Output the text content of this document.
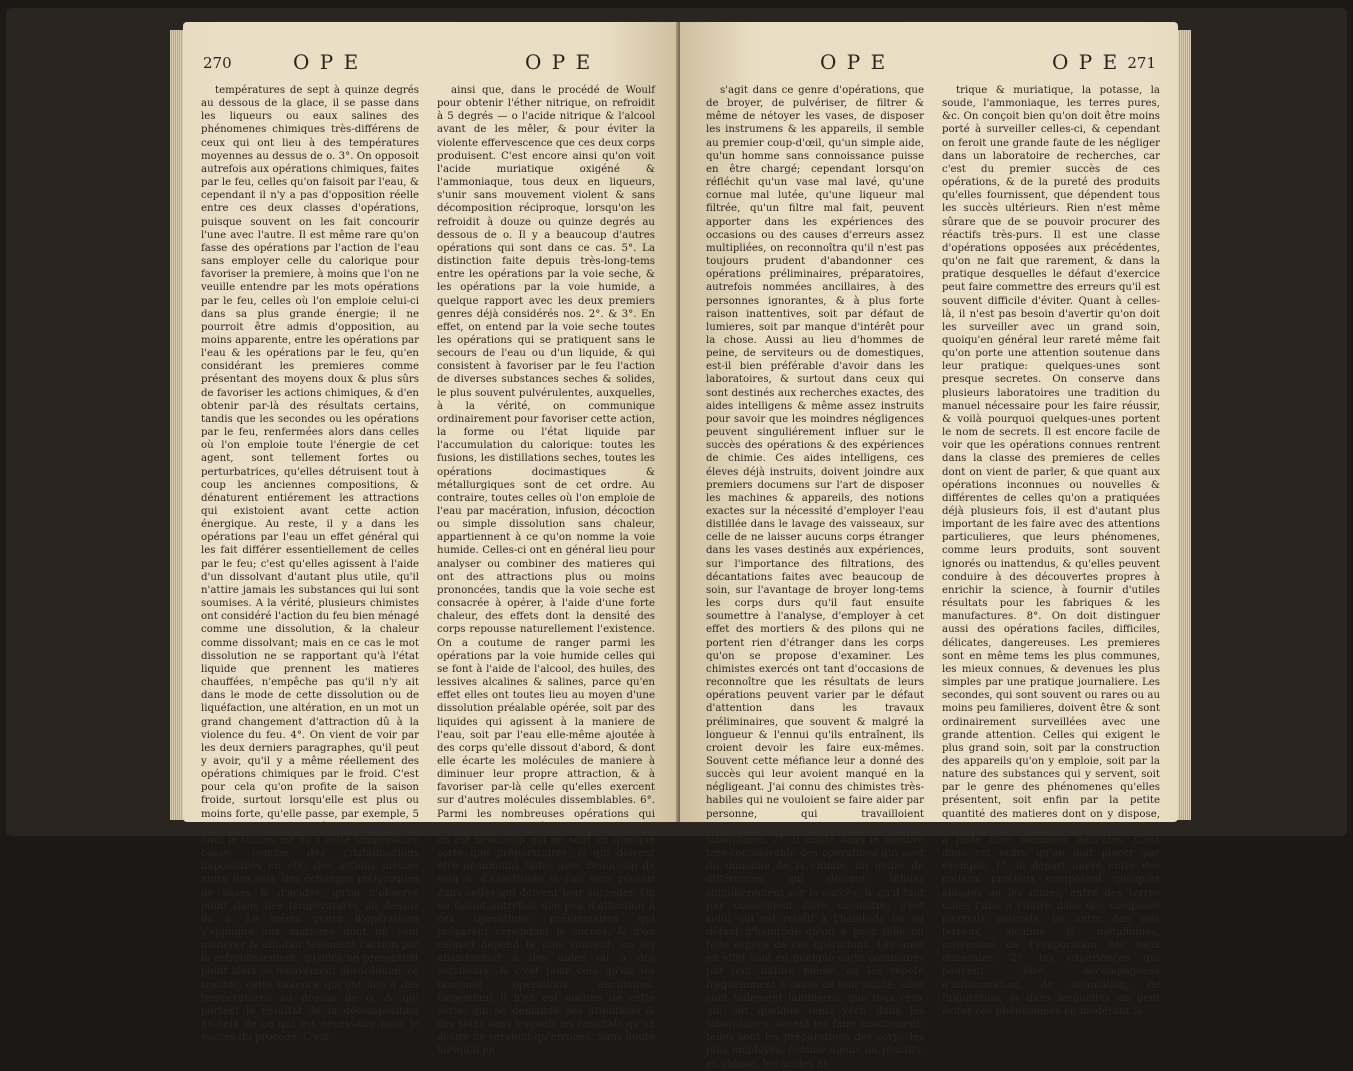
270	O P E	O P E

températures de sept à quinze degrés au dessous de la glace, il se passe dans les liqueurs ou eaux salines des phénomenes chimiques très-différens de ceux qui ont lieu à des températures moyennes au dessus de o. 3°. On opposoit autrefois aux opérations chimiques, faites par le feu, celles qu'on faisoit par l'eau, & cependant il n'y a pas d'opposition réelle entre ces deux classes d'opérations, puisque souvent on les fait concourir l'une avec l'autre. Il est même rare qu'on fasse des opérations par l'action de l'eau sans employer celle du calorique pour favoriser la premiere, à moins que l'on ne veuille entendre par les mots opérations par le feu, celles où l'on emploie celui-ci dans sa plus grande énergie; il ne pourroit être admis d'opposition, au moins apparente, entre les opérations par l'eau & les opérations par le feu, qu'en considérant les premieres comme présentant des moyens doux & plus sûrs de favoriser les actions chimiques, & d'en obtenir par-là des résultats certains, tandis que les secondes ou les opérations par le feu, renfermées alors dans celles où l'on emploie toute l'énergie de cet agent, sont tellement fortes ou perturbatrices, qu'elles détruisent tout à coup les anciennes compositions, & dénaturent entiérement les attractions qui existoient avant cette action énergique. Au reste, il y a dans les opérations par l'eau un effet général qui les fait différer essentiellement de celles par le feu; c'est qu'elles agissent à l'aide d'un dissolvant d'autant plus utile, qu'il n'attire jamais les substances qui lui sont soumises. A la vérité, plusieurs chimistes ont considéré l'action du feu bien ménagé comme une dissolution, & la chaleur comme dissolvant; mais en ce cas le mot dissolution ne se rapportant qu'à l'état liquide que prennent les matieres chauffées, n'empêche pas qu'il n'y ait dans le mode de cette dissolution ou de liquéfaction, une altération, en un mot un grand changement d'attraction dû à la violence du feu. 4°. On vient de voir par les deux derniers paragraphes, qu'il peut y avoir, qu'il y a même réellement des opérations chimiques par le froid. C'est pour cela qu'on profite de la saison froide, surtout lorsqu'elle est plus ou moins forte, qu'elle passe, par exemple, 5 — o, pour faire des opérations chimiques dont le succès est dû à cette température basse, comme des cristallisations impossibles en été, des actions mêmes entre des sels, des échanges réciproques de bases & d'acides, qu'on n'observe point dans des températures au dessus de o. Le même genre d'opérations s'applique aux matieres dont on veut modérer & affoiblir tellement l'action par le refroidissement, qu'elles ne présentent point alors ce mouvement désordonné, ce trouble, cette violence qui ont lieu à des températures au dessus de o, & qui portent le résultat de la décomposition au-delà de ce qui est nécessaire pour le succès du procédé. C'est

ainsi que, dans le procédé de Woulf pour obtenir l'éther nitrique, on refroidit à 5 degrés — o l'acide nitrique & l'alcool avant de les mêler, & pour éviter la violente effervescence que ces deux corps produisent. C'est encore ainsi qu'on voit l'acide muriatique oxigéné & l'ammoniaque, tous deux en liqueurs, s'unir sans mouvement violent & sans décomposition réciproque, lorsqu'on les refroidit à douze ou quinze degrés au dessous de o. Il y a beaucoup d'autres opérations qui sont dans ce cas. 5°. La distinction faite depuis très-long-tems entre les opérations par la voie seche, & les opérations par la voie humide, a quelque rapport avec les deux premiers genres déjà considérés nos. 2°. & 3°. En effet, on entend par la voie seche toutes les opérations qui se pratiquent sans le secours de l'eau ou d'un liquide, & qui consistent à favoriser par le feu l'action de diverses substances seches & solides, le plus souvent pulvérulentes, auxquelles, à la vérité, on communique ordinairement pour favoriser cette action, la forme ou l'état liquide par l'accumulation du calorique: toutes les fusions, les distillations seches, toutes les opérations docimastiques & métallurgiques sont de cet ordre. Au contraire, toutes celles où l'on emploie de l'eau par macération, infusion, décoction ou simple dissolution sans chaleur, appartiennent à ce qu'on nomme la voie humide. Celles-ci ont en général lieu pour analyser ou combiner des matieres qui ont des attractions plus ou moins prononcées, tandis que la voie seche est consacrée à opérer, à l'aide d'une forte chaleur, des effets dont la densité des corps repousse naturellement l'existence. On a coutume de ranger parmi les opérations par la voie humide celles qui se font à l'aide de l'alcool, des huiles, des lessives alcalines & salines, parce qu'en effet elles ont toutes lieu au moyen d'une dissolution préalable opérée, soit par des liquides qui agissent à la maniere de l'eau, soit par l'eau elle-même ajoutée à des corps qu'elle dissout d'abord, & dont elle écarte les molécules de maniere à diminuer leur propre attraction, & à favoriser par-là celle qu'elles exercent sur d'autres molécules dissemblables. 6°. Parmi les nombreuses opérations qui constituent les expériences chimiques, il en est beaucoup qui ne sont en quelque sorte que préparatoires, & qui doivent être néanmoins faites avec beaucoup de soin & d'exactitude si l'on veut réussir dans celles qui doivent leur succéder. On ne faisoit autrefois que peu d'attention à ces opérations préliminaires qui préparent cependant le succès, & d'où celui-ci dépend le plus souvent: on les abandonnoit à des aides ou à des serviteurs, & c'est pour cela qu'on les nommoit opérations ancillaires. Cependant il n'en est aucune de cette sorte, qui ne demande des attentions & des soins sans lesquels les résultats qu'on desire ne seroient qu'erronés. Sans doute lorsqu'il ne

O P E	O P E 271

s'agit dans ce genre d'opérations, que de broyer, de pulvériser, de filtrer & même de nétoyer les vases, de disposer les instrumens & les appareils, il semble au premier coup-d'œil, qu'un simple aide, qu'un homme sans connoissance puisse en être chargé; cependant lorsqu'on réfléchit qu'un vase mal lavé, qu'une cornue mal lutée, qu'une liqueur mal filtrée, qu'un filtre mal fait, peuvent apporter dans les expériences des occasions ou des causes d'erreurs assez multipliées, on reconnoîtra qu'il n'est pas toujours prudent d'abandonner ces opérations préliminaires, préparatoires, autrefois nommées ancillaires, à des personnes ignorantes, & à plus forte raison inattentives, soit par défaut de lumieres, soit par manque d'intérêt pour la chose. Aussi au lieu d'hommes de peine, de serviteurs ou de domestiques, est-il bien préférable d'avoir dans les laboratoires, & surtout dans ceux qui sont destinés aux recherches exactes, des aides intelligens & même assez instruits pour savoir que les moindres négligences peuvent singuliérement influer sur le succès des opérations & des expériences de chimie. Ces aides intelligens, ces éleves déjà instruits, doivent joindre aux premiers documens sur l'art de disposer les machines & appareils, des notions exactes sur la nécessité d'employer l'eau distillée dans le lavage des vaisseaux, sur celle de ne laisser aucuns corps étranger dans les vases destinés aux expériences, sur l'importance des filtrations, des décantations faites avec beaucoup de soin, sur l'avantage de broyer long-tems les corps durs qu'il faut ensuite soumettre à l'analyse, d'employer à cet effet des mortiers & des pilons qui ne portent rien d'étranger dans les corps qu'on se propose d'examiner. Les chimistes exercés ont tant d'occasions de reconnoître que les résultats de leurs opérations peuvent varier par le défaut d'attention dans les travaux préliminaires, que souvent & malgré la longueur & l'ennui qu'ils entraînent, ils croient devoir les faire eux-mêmes. Souvent cette méfiance leur a donné des succès qui leur avoient manqué en la négligeant. J'ai connu des chimistes très-habiles qui ne vouloient se faire aider par personne, qui travailloient continuellement seuls dans leur laboratoire. 7°. Il existe dans le nombre très-considérable des opérations qui sont du domaine de la chimie, un genre de différences qui doivent influer singuliérement sur le succès, & qu'il faut par conséquent faire connoître; c'est celui qui est relatif à l'habitude ou au défaut d'habitude qu'on a pour telle ou telle espece de ces opérations. Les unes en effet sont en quelque sorte communes par leur nature même: on les répete fréquemment à cause de leur utilité; elles sont tellement familieres, que tous ceux qui ont quelque tems vécu dans les laboratoires, savent les faire exactement: telles sont les préparations des corps les plus employés, comme agens ou réactifs, en chimie, les acides ni-

trique & muriatique, la potasse, la soude, l'ammoniaque, les terres pures, &c. On conçoit bien qu'on doit être moins porté à surveiller celles-ci, & cependant on feroit une grande faute de les négliger dans un laboratoire de recherches, car c'est du premier succès de ces opérations, & de la pureté des produits qu'elles fournissent, que dépendent tous les succès ultérieurs. Rien n'est même sûrare que de se pouvoir procurer des réactifs très-purs. Il est une classe d'opérations opposées aux précédentes, qu'on ne fait que rarement, & dans la pratique desquelles le défaut d'exercice peut faire commettre des erreurs qu'il est souvent difficile d'éviter. Quant à celles-là, il n'est pas besoin d'avertir qu'on doit les surveiller avec un grand soin, quoiqu'en général leur rareté même fait qu'on porte une attention soutenue dans leur pratique: quelques-unes sont presque secretes. On conserve dans plusieurs laboratoires une tradition du manuel nécessaire pour les faire réussir, & voilà pourquoi quelques-unes portent le nom de secrets. Il est encore facile de voir que les opérations connues rentrent dans la classe des premieres de celles dont on vient de parler, & que quant aux opérations inconnues ou nouvelles & différentes de celles qu'on a pratiquées déjà plusieurs fois, il est d'autant plus important de les faire avec des attentions particulieres, que leurs phénomenes, comme leurs produits, sont souvent ignorés ou inattendus, & qu'elles peuvent conduire à des découvertes propres à enrichir la science, à fournir d'utiles résultats pour les fabriques & les manufactures. 8°. On doit distinguer aussi des opérations faciles, difficiles, délicates, dangereuses. Les premieres sont en même tems les plus communes, les mieux connues, & devenues les plus simples par une pratique journaliere. Les secondes, qui sont souvent ou rares ou au moins peu familieres, doivent être & sont ordinairement surveillées avec une grande attention. Celles qui exigent le plus grand soin, soit par la construction des appareils qu'on y emploie, soit par la nature des substances qui y servent, soit par le genre des phénomenes qu'elles présentent, soit enfin par la petite quantité des matieres dont on y dispose, & des produits qu'on doit en obtenir, sont à juste titre nommées délicates. C'est dans cet ordre qu'on doit placer par exemple, 1°. le départ opéré entre des métaux précieux composant quelques alliages ou les mines, entre des terres unies l'une à l'autre dans des composés pierreux naturels, ou entre des sels terreux, alcalins & métalliques, provenans de l'évaporation des eaux minérales; 2°. les expériences qui peuvent être accompagnées d'inflammation, de détonation, de fulguration, & dans lesquelles on peut éviter ces phénomenes en modérant la
